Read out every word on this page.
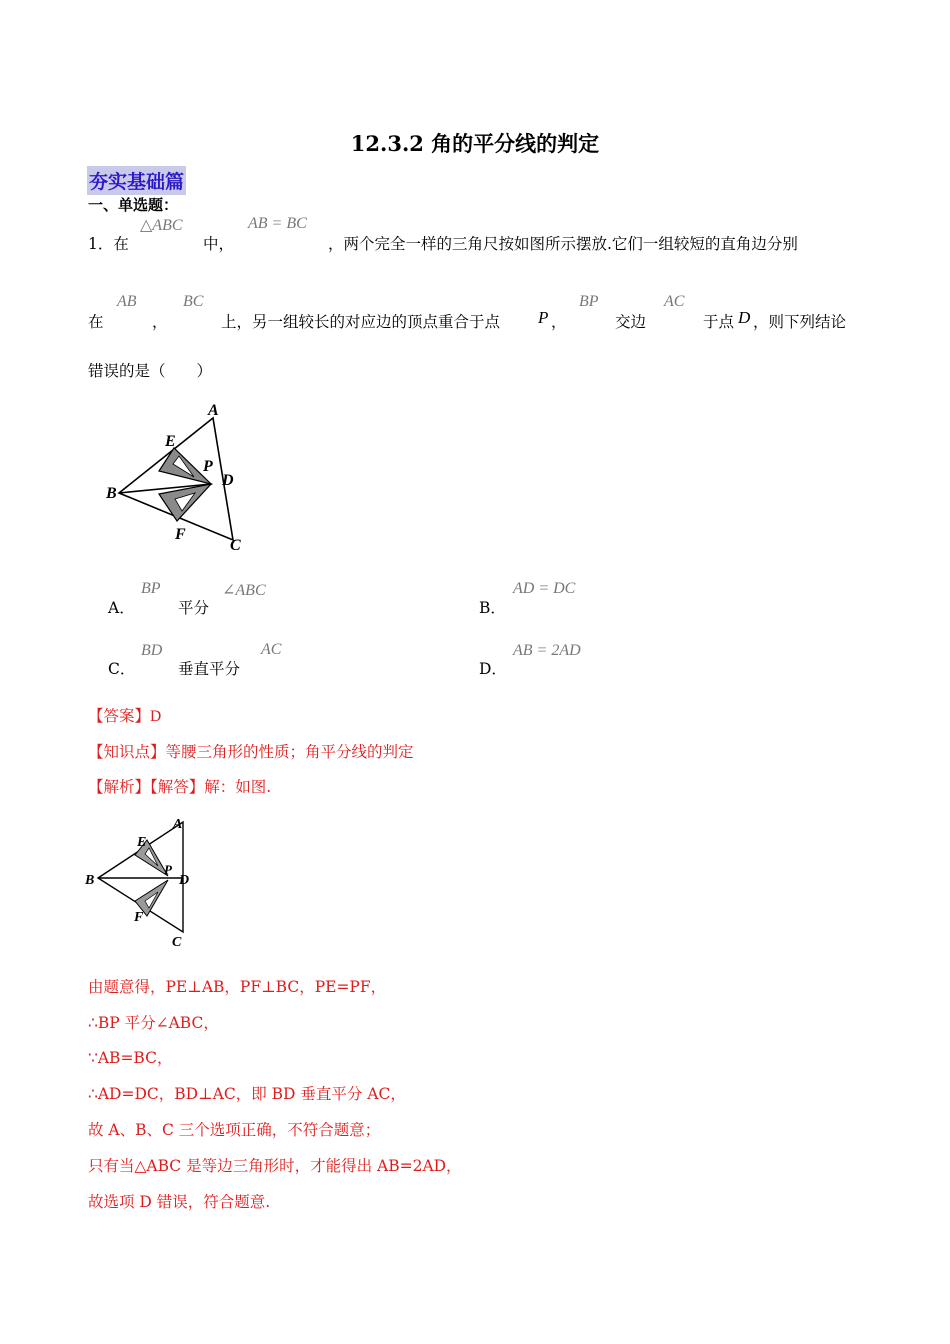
12.3.2 角的平分线的判定
夯实基础篇
一、单选题：
1．在
△ABC
中，
AB = BC
，两个完全一样的三角尺按如图所示摆放.它们一组较短的直角边分别
在
AB
，
BC
上，另一组较长的对应边的顶点重合于点 P ，
BP
交边
AC
于点 D ，则下列结论
错误的是（　　）
A
B
C
D
E
F
P
A．
BP
平分
∠ABC
B．
AD = DC
C．
BD
垂直平分
AC
D．
AB = 2AD
【答案】D
【知识点】等腰三角形的性质；角平分线的判定
【解析】【解答】解：如图.
A
B
C
D
E
F
P
由题意得，PE⊥AB，PF⊥BC，PE=PF，
∴BP 平分∠ABC，
∵AB=BC，
∴AD=DC，BD⊥AC，即 BD 垂直平分 AC，
故 A、B、C 三个选项正确，不符合题意；
只有当△ABC 是等边三角形时，才能得出 AB=2AD，
故选项 D 错误，符合题意.
